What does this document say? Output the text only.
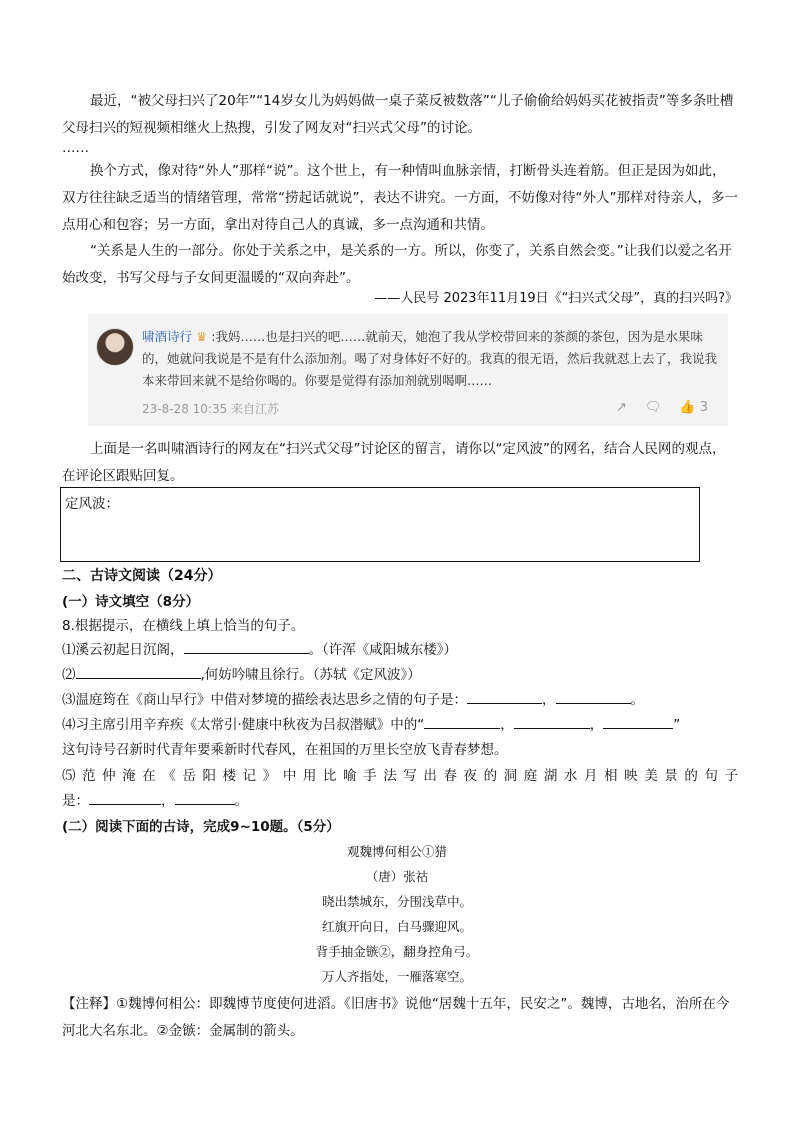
最近，“被父母扫兴了20年”“14岁女儿为妈妈做一桌子菜反被数落”“儿子偷偷给妈妈买花被指责”等多条吐槽父母扫兴的短视频相继火上热搜，引发了网友对“扫兴式父母”的讨论。

……

换个方式，像对待“外人”那样“说”。这个世上，有一种情叫血脉亲情，打断骨头连着筋。但正是因为如此，双方往往缺乏适当的情绪管理，常常“捞起话就说”，表达不讲究。一方面，不妨像对待“外人”那样对待亲人，多一点用心和包容；另一方面，拿出对待自己人的真诚，多一点沟通和共情。

“关系是人生的一部分。你处于关系之中，是关系的一方。所以，你变了，关系自然会变。”让我们以爱之名开始改变，书写父母与子女间更温暖的“双向奔赴”。

——人民号 2023年11月19日《“扫兴式父母”，真的扫兴吗?》

啸酒诗行 ♛ :我妈……也是扫兴的吧……就前天，她泡了我从学校带回来的茶颜的茶包，因为是水果味的，她就问我说是不是有什么添加剂。喝了对身体好不好的。我真的很无语，然后我就怼上去了，我说我本来带回来就不是给你喝的。你要是觉得有添加剂就别喝啊……
23-8-28 10:35 来自江苏	↗ 🗨 👍 3

上面是一名叫啸酒诗行的网友在“扫兴式父母”讨论区的留言，请你以“定风波”的网名，结合人民网的观点，在评论区跟贴回复。

定风波：

二、古诗文阅读（24分）

(一）诗文填空（8分）

8.根据提示，在横线上填上恰当的句子。

⑴溪云初起日沉阁，	。（许浑《咸阳城东楼》）

⑵	,何妨吟啸且徐行。（苏轼《定风波》）

⑶温庭筠在《商山早行》中借对梦境的描绘表达思乡之情的句子是：	，	。

⑷习主席引用辛弃疾《太常引·健康中秋夜为吕叔潜赋》中的“	，	，	”

这句诗号召新时代青年要乘新时代春风，在祖国的万里长空放飞青春梦想。

⑸范仲淹在《岳阳楼记》中用比喻手法写出春夜的洞庭湖水月相映美景的句子

是：	，	。

(二）阅读下面的古诗，完成9~10题。（5分）

观魏博何相公①猎
（唐）张祜
晓出禁城东，分围浅草中。
红旗开向日，白马骤迎风。
背手抽金镞②，翻身控角弓。
万人齐指处，一雁落寒空。

【注释】①魏博何相公：即魏博节度使何进滔。《旧唐书》说他“居魏十五年，民安之”。魏博，古地名，治所在今河北大名东北。②金镞：金属制的箭头。
